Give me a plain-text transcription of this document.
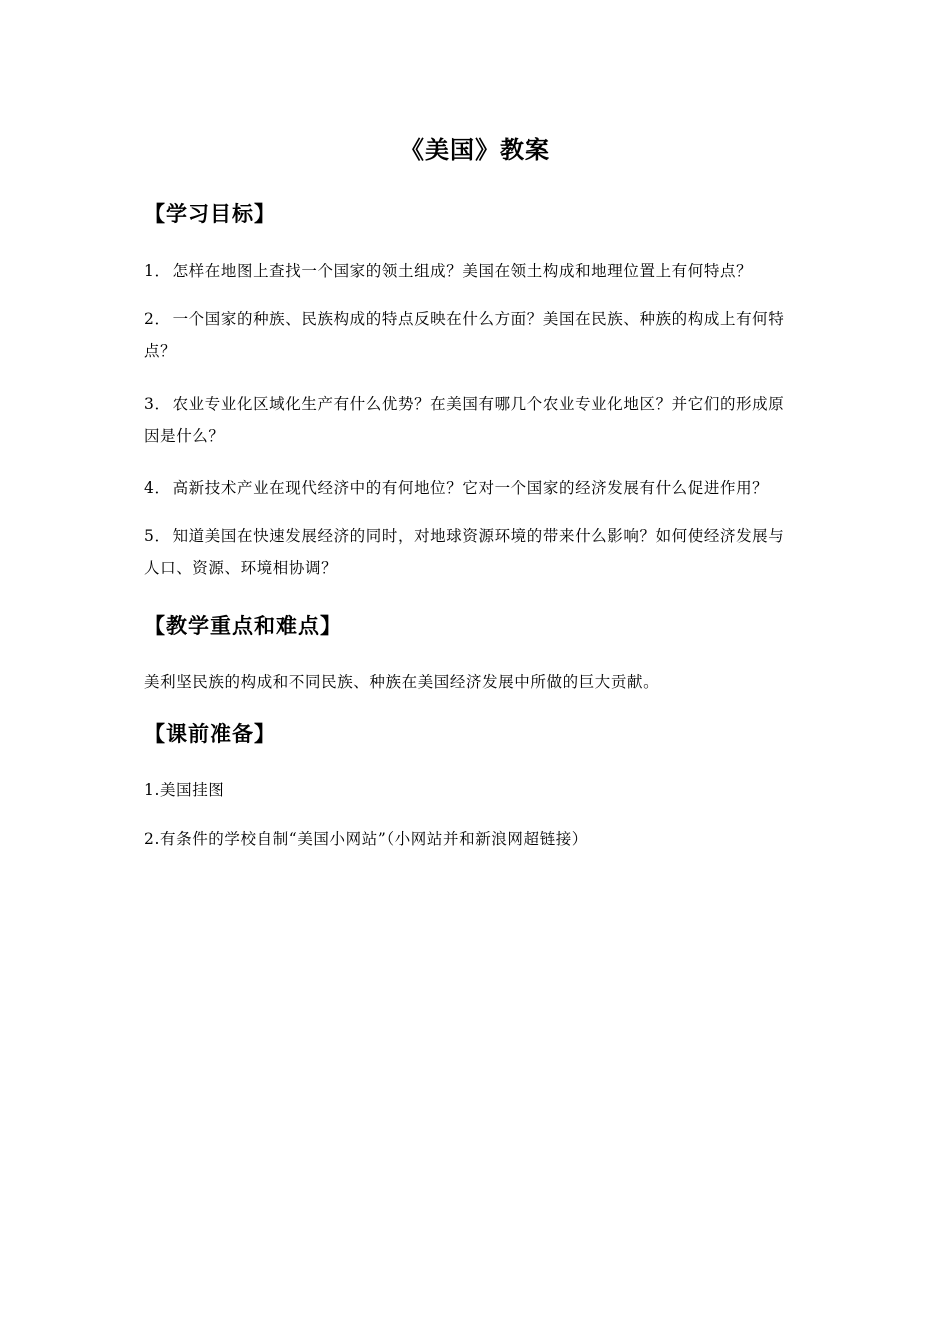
《美国》教案
【学习目标】
1． 怎样在地图上查找一个国家的领土组成？美国在领土构成和地理位置上有何特点？
2． 一个国家的种族、民族构成的特点反映在什么方面？美国在民族、种族的构成上有何特
点？
3． 农业专业化区域化生产有什么优势？在美国有哪几个农业专业化地区？并它们的形成原
因是什么？
4． 高新技术产业在现代经济中的有何地位？它对一个国家的经济发展有什么促进作用？
5． 知道美国在快速发展经济的同时，对地球资源环境的带来什么影响？如何使经济发展与
人口、资源、环境相协调？
【教学重点和难点】
美利坚民族的构成和不同民族、种族在美国经济发展中所做的巨大贡献。
【课前准备】
1.美国挂图
2.有条件的学校自制“美国小网站”（小网站并和新浪网超链接）
